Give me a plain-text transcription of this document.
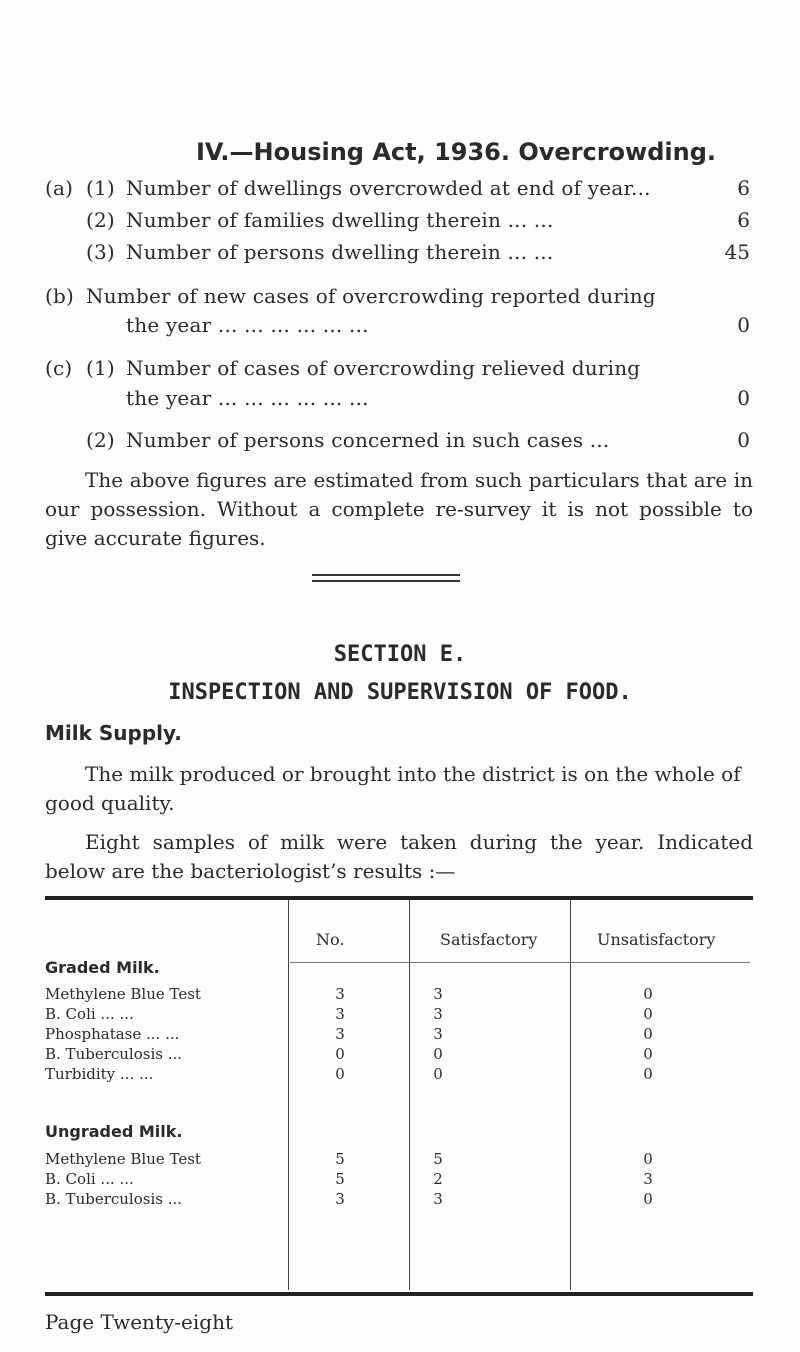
IV.—Housing Act, 1936. Overcrowding.
(a) (1) Number of dwellings overcrowded at end of year...	6
(2) Number of families dwelling therein ... ...	6
(3) Number of persons dwelling therein ... ...	45
(b) Number of new cases of overcrowding reported during
the year ... ... ... ... ... ...	0
(c) (1) Number of cases of overcrowding relieved during
the year ... ... ... ... ... ...	0
(2) Number of persons concerned in such cases ...	0
The above figures are estimated from such particulars that are in our possession. Without a complete re-survey it is not possible to give accurate figures.
SECTION E.
INSPECTION AND SUPERVISION OF FOOD.
Milk Supply.
The milk produced or brought into the district is on the whole of good quality.
Eight samples of milk were taken during the year. Indicated below are the bacteriologist’s results :—
No.	Satisfactory	Unsatisfactory
Graded Milk.
Methylene Blue Test	3	3	0
B. Coli ... ...	3	3	0
Phosphatase ... ...	3	3	0
B. Tuberculosis ...	0	0	0
Turbidity ... ...	0	0	0
Ungraded Milk.
Methylene Blue Test	5	5	0
B. Coli ... ...	5	2	3
B. Tuberculosis ...	3	3	0
Page Twenty-eight
